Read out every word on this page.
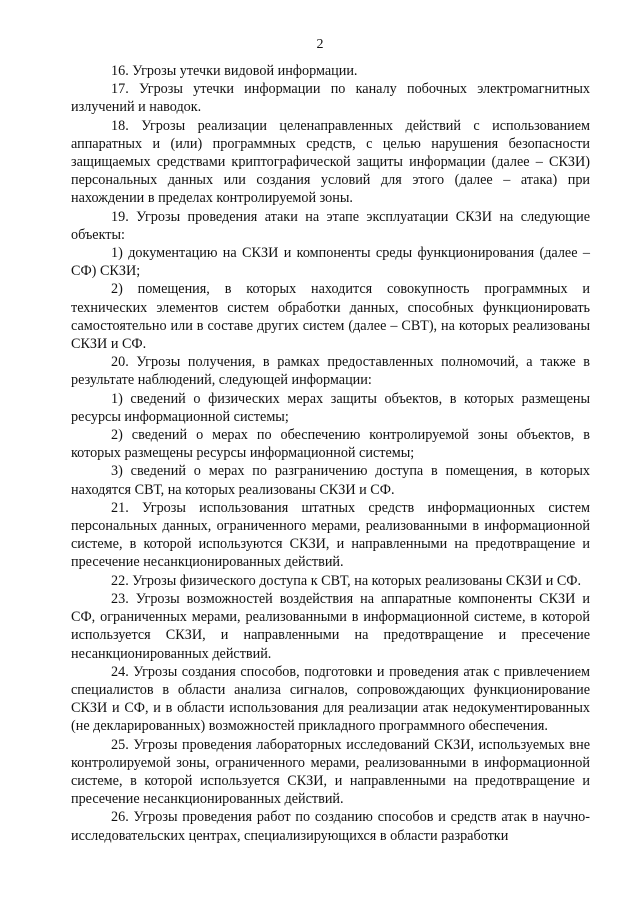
2

16. Угрозы утечки видовой информации.

17. Угрозы утечки информации по каналу побочных электромагнитных излучений и наводок.

18. Угрозы реализации целенаправленных действий с использованием аппаратных и (или) программных средств, с целью нарушения безопасности защищаемых средствами криптографической защиты информации (далее – СКЗИ) персональных данных или создания условий для этого (далее – атака) при нахождении в пределах контролируемой зоны.

19. Угрозы проведения атаки на этапе эксплуатации СКЗИ на следующие объекты:

1) документацию на СКЗИ и компоненты среды функционирования (далее – СФ) СКЗИ;

2) помещения, в которых находится совокупность программных и технических элементов систем обработки данных, способных функционировать самостоятельно или в составе других систем (далее – СВТ), на которых реализованы СКЗИ и СФ.

20. Угрозы получения, в рамках предоставленных полномочий, а также в результате наблюдений, следующей информации:

1) сведений о физических мерах защиты объектов, в которых размещены ресурсы информационной системы;

2) сведений о мерах по обеспечению контролируемой зоны объектов, в которых размещены ресурсы информационной системы;

3) сведений о мерах по разграничению доступа в помещения, в которых находятся СВТ, на которых реализованы СКЗИ и СФ.

21. Угрозы использования штатных средств информационных систем персональных данных, ограниченного мерами, реализованными в информационной системе, в которой используются СКЗИ, и направленными на предотвращение и пресечение несанкционированных действий.

22. Угрозы физического доступа к СВТ, на которых реализованы СКЗИ и СФ.

23. Угрозы возможностей воздействия на аппаратные компоненты СКЗИ и СФ, ограниченных мерами, реализованными в информационной системе, в которой используется СКЗИ, и направленными на предотвращение и пресечение несанкционированных действий.

24. Угрозы создания способов, подготовки и проведения атак с привлечением специалистов в области анализа сигналов, сопровождающих функционирование СКЗИ и СФ, и в области использования для реализации атак недокументированных (не декларированных) возможностей прикладного программного обеспечения.

25. Угрозы проведения лабораторных исследований СКЗИ, используемых вне контролируемой зоны, ограниченного мерами, реализованными в информационной системе, в которой используется СКЗИ, и направленными на предотвращение и пресечение несанкционированных действий.

26. Угрозы проведения работ по созданию способов и средств атак в научно-исследовательских центрах, специализирующихся в области разработки
